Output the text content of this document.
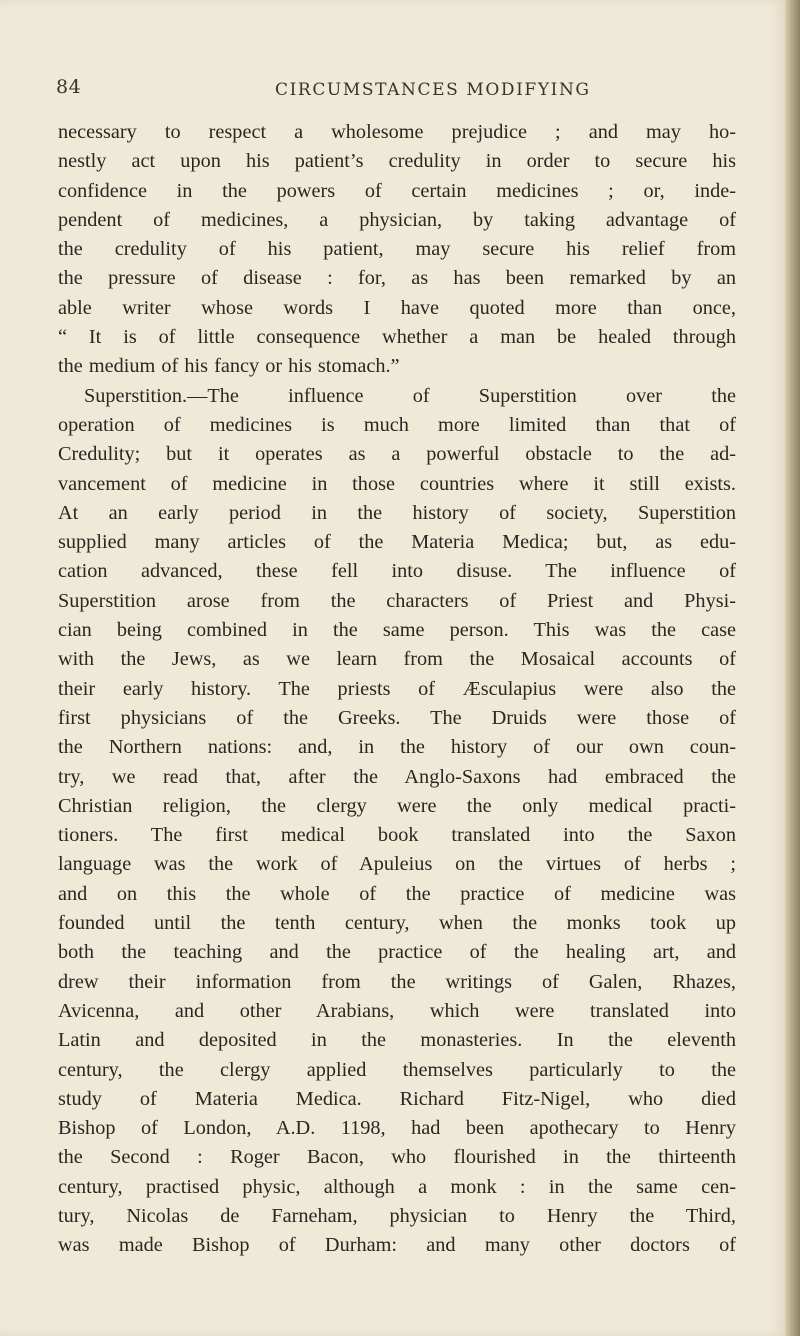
84	CIRCUMSTANCES MODIFYING
necessary to respect a wholesome prejudice ; and may ho-
nestly act upon his patient’s credulity in order to secure his
confidence in the powers of certain medicines ; or, inde-
pendent of medicines, a physician, by taking advantage of
the credulity of his patient, may secure his relief from
the pressure of disease : for, as has been remarked by an
able writer whose words I have quoted more than once,
“ It is of little consequence whether a man be healed through
the medium of his fancy or his stomach.”
Superstition.—The influence of Superstition over the
operation of medicines is much more limited than that of
Credulity; but it operates as a powerful obstacle to the ad-
vancement of medicine in those countries where it still exists.
At an early period in the history of society, Superstition
supplied many articles of the Materia Medica; but, as edu-
cation advanced, these fell into disuse. The influence of
Superstition arose from the characters of Priest and Physi-
cian being combined in the same person. This was the case
with the Jews, as we learn from the Mosaical accounts of
their early history. The priests of Æsculapius were also the
first physicians of the Greeks. The Druids were those of
the Northern nations: and, in the history of our own coun-
try, we read that, after the Anglo-Saxons had embraced the
Christian religion, the clergy were the only medical practi-
tioners. The first medical book translated into the Saxon
language was the work of Apuleius on the virtues of herbs ;
and on this the whole of the practice of medicine was
founded until the tenth century, when the monks took up
both the teaching and the practice of the healing art, and
drew their information from the writings of Galen, Rhazes,
Avicenna, and other Arabians, which were translated into
Latin and deposited in the monasteries. In the eleventh
century, the clergy applied themselves particularly to the
study of Materia Medica. Richard Fitz-Nigel, who died
Bishop of London, A.D. 1198, had been apothecary to Henry
the Second : Roger Bacon, who flourished in the thirteenth
century, practised physic, although a monk : in the same cen-
tury, Nicolas de Farneham, physician to Henry the Third,
was made Bishop of Durham: and many other doctors of
